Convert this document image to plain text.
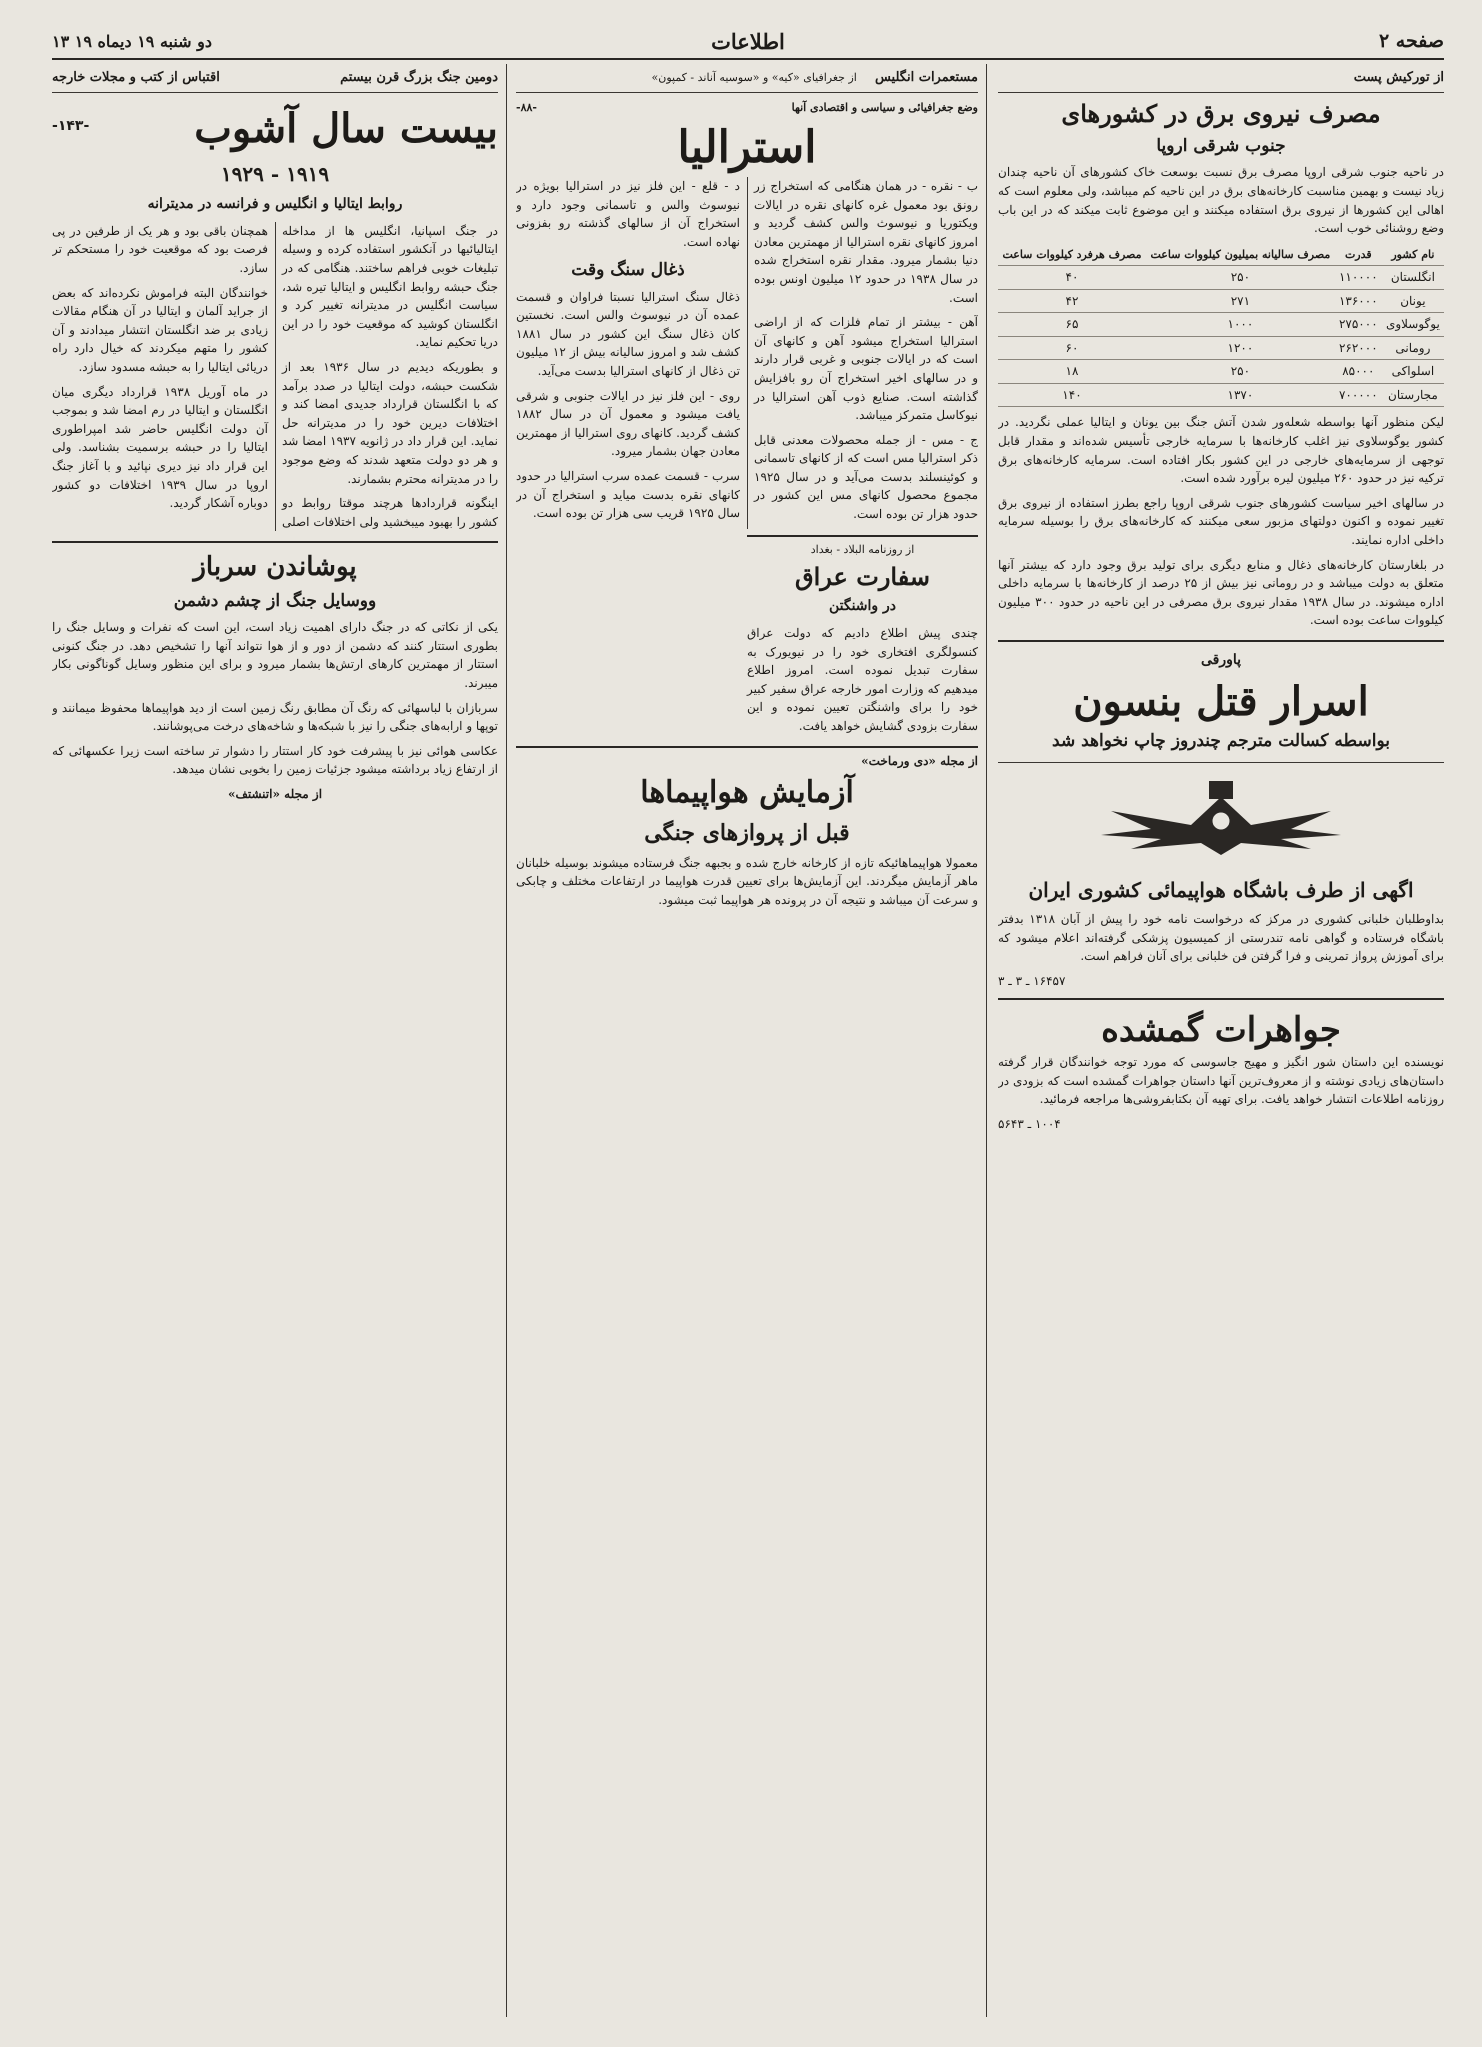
صفحه ۲
اطلاعات
دو شنبه ۱۹ دیماه ۱۹ ۱۳
از تورکیش پست
مصرف نیروی برق در کشورهای
جنوب شرقی اروپا

در ناحیه جنوب شرقی اروپا مصرف برق نسبت بوسعت خاک کشورهای آن ناحیه چندان زیاد نیست و بهمین مناسبت کارخانه‌های برق در این ناحیه کم میباشد، ولی معلوم است که اهالی این کشورها از نیروی برق استفاده میکنند و این موضوع ثابت میکند که در این باب وضع روشنائی خوب است.

نام کشور	قدرت	مصرف سالیانه بمیلیون کیلووات ساعت	مصرف هرفرد کیلووات ساعت
انگلستان	۱۱۰۰۰۰	۲۵۰	۴۰
یونان	۱۳۶۰۰۰	۲۷۱	۴۲
یوگوسلاوی	۲۷۵۰۰۰	۱۰۰۰	۶۵
رومانی	۲۶۲۰۰۰	۱۲۰۰	۶۰
اسلواکی	۸۵۰۰۰	۲۵۰	۱۸
مجارستان	۷۰۰۰۰۰	۱۳۷۰	۱۴۰

لیکن منظور آنها بواسطه شعله‌ور شدن آتش جنگ بین یونان و ایتالیا عملی نگردید. در کشور یوگوسلاوی نیز اغلب کارخانه‌ها با سرمایه خارجی تأسیس شده‌اند و مقدار قابل توجهی از سرمایه‌های خارجی در این کشور بکار افتاده است. سرمایه کارخانه‌های برق ترکیه نیز در حدود ۲۶۰ میلیون لیره برآورد شده است.

در سالهای اخیر سیاست کشورهای جنوب شرقی اروپا راجع بطرز استفاده از نیروی برق تغییر نموده و اکنون دولتهای مزبور سعی میکنند که کارخانه‌های برق را بوسیله سرمایه داخلی اداره نمایند.

در بلغارستان کارخانه‌های ذغال و منابع دیگری برای تولید برق وجود دارد که بیشتر آنها متعلق به دولت میباشد و در رومانی نیز بیش از ۲۵ درصد از کارخانه‌ها با سرمایه داخلی اداره میشوند. در سال ۱۹۳۸ مقدار نیروی برق مصرفی در این ناحیه در حدود ۳۰۰ میلیون کیلووات ساعت بوده است.

پاورقی
اسرار قتل بنسون
بواسطه کسالت مترجم چندروز چاپ نخواهد شد
اگهی از طرف باشگاه هواپیمائی کشوری ایران

بداوطلبان خلبانی کشوری در مرکز که درخواست نامه خود را پیش از آبان ۱۳۱۸ بدفتر باشگاه فرستاده و گواهی نامه تندرستی از کمیسیون پزشکی گرفته‌اند اعلام میشود که برای آموزش پرواز تمرینی و فرا گرفتن فن خلبانی برای آنان فراهم است.

۱۶۴۵۷ ـ ۳ ـ ۳
جواهرات گمشده

نویسنده این داستان شور انگیز و مهیج جاسوسی که مورد توجه خوانندگان قرار گرفته داستان‌های زیادی نوشته و از معروف‌ترین آنها داستان جواهرات گمشده است که بزودی در روزنامه اطلاعات انتشار خواهد یافت. برای تهیه آن بکتابفروشی‌ها مراجعه فرمائید.

۱۰۰۴ ـ ۵۶۴۳
مستعمرات انگلیس    از جغرافیای «کیه» و «سوسیه آناند - کمپون»
وضع جغرافیائی و سیاسی و اقتصادی آنها
-۸۸-
استرالیا

ب - نقره - در همان هنگامی که استخراج زر رونق بود معمول غره کانهای نقره در ایالات ویکتوریا و نیوسوث والس کشف گردید و امروز کانهای نقره استرالیا از مهمترین معادن دنیا بشمار میرود. مقدار نقره استخراج شده در سال ۱۹۳۸ در حدود ۱۲ میلیون اونس بوده است.

آهن - بیشتر از تمام فلزات که از اراضی استرالیا استخراج میشود آهن و کانهای آن است که در ایالات جنوبی و غربی قرار دارند و در سالهای اخیر استخراج آن رو بافزایش گذاشته است. صنایع ذوب آهن استرالیا در نیوکاسل متمرکز میباشد.

ج - مس - از جمله محصولات معدنی قابل ذکر استرالیا مس است که از کانهای تاسمانی و کوئینسلند بدست می‌آید و در سال ۱۹۲۵ مجموع محصول کانهای مس این کشور در حدود هزار تن بوده است.

د - قلع - این فلز نیز در استرالیا بویژه در نیوسوث والس و تاسمانی وجود دارد و استخراج آن از سالهای گذشته رو بفزونی نهاده است.

ذغال سنگ وقت

ذغال سنگ استرالیا نسبتا فراوان و قسمت عمده آن در نیوسوث والس است. نخستین کان ذغال سنگ این کشور در سال ۱۸۸۱ کشف شد و امروز سالیانه بیش از ۱۲ میلیون تن ذغال از کانهای استرالیا بدست می‌آید.

روی - این فلز نیز در ایالات جنوبی و شرقی یافت میشود و معمول آن در سال ۱۸۸۲ کشف گردید. کانهای روی استرالیا از مهمترین معادن جهان بشمار میرود.

سرب - قسمت عمده سرب استرالیا در حدود کانهای نقره بدست میاید و استخراج آن در سال ۱۹۲۵ قریب سی هزار تن بوده است.

از روزنامه البلاد - بغداد
سفارت عراق
در واشنگتن

چندی پیش اطلاع دادیم که دولت عراق کنسولگری افتخاری خود را در نیویورک به سفارت تبدیل نموده است. امروز اطلاع میدهیم که وزارت امور خارجه عراق سفیر کبیر خود را برای واشنگتن تعیین نموده و این سفارت بزودی گشایش خواهد یافت.

از مجله «دی ورماخت»
آزمایش هواپیماها
قبل از پروازهای جنگی

معمولا هواپیماهائیکه تازه از کارخانه خارج شده و بجبهه جنگ فرستاده میشوند بوسیله خلبانان ماهر آزمایش میگردند. این آزمایش‌ها برای تعیین قدرت هواپیما در ارتفاعات مختلف و چابکی و سرعت آن میباشد و نتیجه آن در پرونده هر هواپیما ثبت میشود.

دومین جنگ بزرگ قرن بیستم
اقتباس از کتب و مجلات خارجه
بیست سال آشوب
-۱۴۳-
۱۹۱۹ - ۱۹۲۹
روابط ایتالیا و انگلیس و فرانسه در مدیترانه

در جنگ اسپانیا، انگلیس ها از مداخله ایتالیائیها در آنکشور استفاده کرده و وسیله تبلیغات خوبی فراهم ساختند. هنگامی که در جنگ حبشه روابط انگلیس و ایتالیا تیره شد، سیاست انگلیس در مدیترانه تغییر کرد و انگلستان کوشید که موقعیت خود را در این دریا تحکیم نماید.

و بطوریکه دیدیم در سال ۱۹۳۶ بعد از شکست حبشه، دولت ایتالیا در صدد برآمد که با انگلستان قرارداد جدیدی امضا کند و اختلافات دیرین خود را در مدیترانه حل نماید. این قرار داد در ژانویه ۱۹۳۷ امضا شد و هر دو دولت متعهد شدند که وضع موجود را در مدیترانه محترم بشمارند.

اینگونه قراردادها هرچند موقتا روابط دو کشور را بهبود میبخشید ولی اختلافات اصلی همچنان باقی بود و هر یک از طرفین در پی فرصت بود که موقعیت خود را مستحکم تر سازد.

خوانندگان البته فراموش نکرده‌اند که بعض از جراید آلمان و ایتالیا در آن هنگام مقالات زیادی بر ضد انگلستان انتشار میدادند و آن کشور را متهم میکردند که خیال دارد راه دریائی ایتالیا را به حبشه مسدود سازد.

در ماه آوریل ۱۹۳۸ قرارداد دیگری میان انگلستان و ایتالیا در رم امضا شد و بموجب آن دولت انگلیس حاضر شد امپراطوری ایتالیا را در حبشه برسمیت بشناسد. ولی این قرار داد نیز دیری نپائید و با آغاز جنگ اروپا در سال ۱۹۳۹ اختلافات دو کشور دوباره آشکار گردید.

پوشاندن سرباز
ووسایل جنگ از چشم دشمن

یکی از نکاتی که در جنگ دارای اهمیت زیاد است، این است که نفرات و وسایل جنگ را بطوری استتار کنند که دشمن از دور و از هوا نتواند آنها را تشخیص دهد. در جنگ کنونی استتار از مهمترین کارهای ارتش‌ها بشمار میرود و برای این منظور وسایل گوناگونی بکار میبرند.

سربازان با لباسهائی که رنگ آن مطابق رنگ زمین است از دید هواپیماها محفوظ میمانند و توپها و ارابه‌های جنگی را نیز با شبکه‌ها و شاخه‌های درخت می‌پوشانند.

عکاسی هوائی نیز با پیشرفت خود کار استتار را دشوار تر ساخته است زیرا عکسهائی که از ارتفاع زیاد برداشته میشود جزئیات زمین را بخوبی نشان میدهد.

از مجله «اتنشتف»
